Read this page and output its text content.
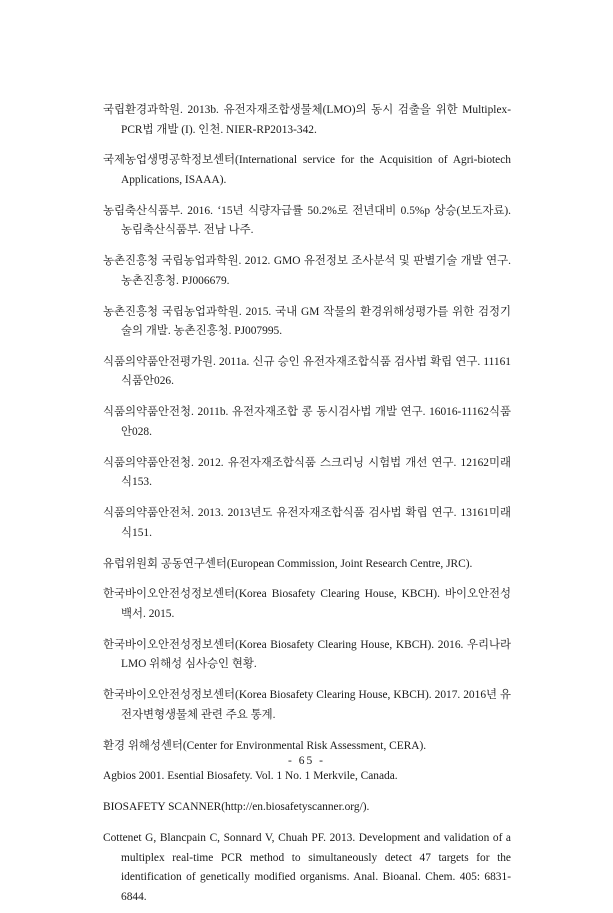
국립환경과학원. 2013b. 유전자재조합생물체(LMO)의 동시 검출을 위한 Multiplex-PCR법 개발 (I). 인천. NIER-RP2013-342.

국제농업생명공학정보센터(International service for the Acquisition of Agri-biotech Applications, ISAAA).

농림축산식품부. 2016. ‘15년 식량자급률 50.2%로 전년대비 0.5%p 상승(보도자료). 농림축산식품부. 전남 나주.

농촌진흥청 국립농업과학원. 2012. GMO 유전정보 조사분석 및 판별기술 개발 연구. 농촌진흥청. PJ006679.

농촌진흥청 국립농업과학원. 2015. 국내 GM 작물의 환경위해성평가를 위한 검정기술의 개발. 농촌진흥청. PJ007995.

식품의약품안전평가원. 2011a. 신규 승인 유전자재조합식품 검사법 확립 연구. 11161식품안026.

식품의약품안전청. 2011b. 유전자재조합 콩 동시검사법 개발 연구. 16016-11162식품안028.

식품의약품안전청. 2012. 유전자재조합식품 스크리닝 시험법 개선 연구. 12162미래식153.

식품의약품안전처. 2013. 2013년도 유전자재조합식품 검사법 확립 연구. 13161미래식151.

유럽위원회 공동연구센터(European Commission, Joint Research Centre, JRC).

한국바이오안전성정보센터(Korea Biosafety Clearing House, KBCH). 바이오안전성백서. 2015.

한국바이오안전성정보센터(Korea Biosafety Clearing House, KBCH). 2016. 우리나라 LMO 위해성 심사승인 현황.

한국바이오안전성정보센터(Korea Biosafety Clearing House, KBCH). 2017. 2016년 유전자변형생물체 관련 주요 통계.

환경 위해성센터(Center for Environmental Risk Assessment, CERA).

Agbios 2001. Esential Biosafety. Vol. 1 No. 1 Merkvile, Canada.

BIOSAFETY SCANNER(http://en.biosafetyscanner.org/).

Cottenet G, Blancpain C, Sonnard V, Chuah PF. 2013. Development and validation of a multiplex real-time PCR method to simultaneously detect 47 targets for the identification of genetically modified organisms. Anal. Bioanal. Chem. 405: 6831-6844.

- 65 -
